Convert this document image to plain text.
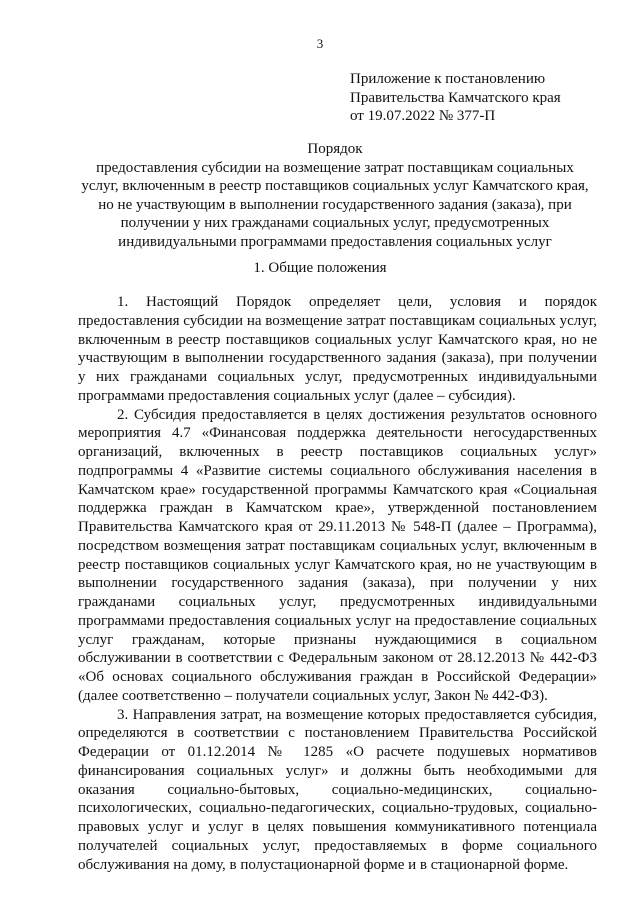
3
Приложение к постановлению
Правительства Камчатского края
от 19.07.2022 № 377-П
Порядок
предоставления субсидии на возмещение затрат поставщикам социальных
услуг, включенным в реестр поставщиков социальных услуг Камчатского края,
но не участвующим в выполнении государственного задания (заказа), при
получении у них гражданами социальных услуг, предусмотренных
индивидуальными программами предоставления социальных услуг
1. Общие положения

1. Настоящий Порядок определяет цели, условия и порядок предоставления субсидии на возмещение затрат поставщикам социальных услуг, включенным в реестр поставщиков социальных услуг Камчатского края, но не участвующим в выполнении государственного задания (заказа), при получении у них гражданами социальных услуг, предусмотренных индивидуальными программами предоставления социальных услуг (далее – субсидия).

2. Субсидия предоставляется в целях достижения результатов основного мероприятия 4.7 «Финансовая поддержка деятельности негосударственных организаций, включенных в реестр поставщиков социальных услуг» подпрограммы 4 «Развитие системы социального обслуживания населения в Камчатском крае» государственной программы Камчатского края «Социальная поддержка граждан в Камчатском крае», утвержденной постановлением Правительства Камчатского края от 29.11.2013 № 548-П (далее – Программа), посредством возмещения затрат поставщикам социальных услуг, включенным в реестр поставщиков социальных услуг Камчатского края, но не участвующим в выполнении государственного задания (заказа), при получении у них гражданами социальных услуг, предусмотренных индивидуальными программами предоставления социальных услуг на предоставление социальных услуг гражданам, которые признаны нуждающимися в социальном обслуживании в соответствии с Федеральным законом от 28.12.2013 № 442-ФЗ «Об основах социального обслуживания граждан в Российской Федерации» (далее соответственно – получатели социальных услуг, Закон № 442-ФЗ).

3. Направления затрат, на возмещение которых предоставляется субсидия, определяются в соответствии с постановлением Правительства Российской Федерации от 01.12.2014 № 1285 «О расчете подушевых нормативов финансирования социальных услуг» и должны быть необходимыми для оказания социально-бытовых, социально-медицинских, социально-психологических, социально-педагогических, социально-трудовых, социально-правовых услуг и услуг в целях повышения коммуникативного потенциала получателей социальных услуг, предоставляемых в форме социального обслуживания на дому, в полустационарной форме и в стационарной форме.
